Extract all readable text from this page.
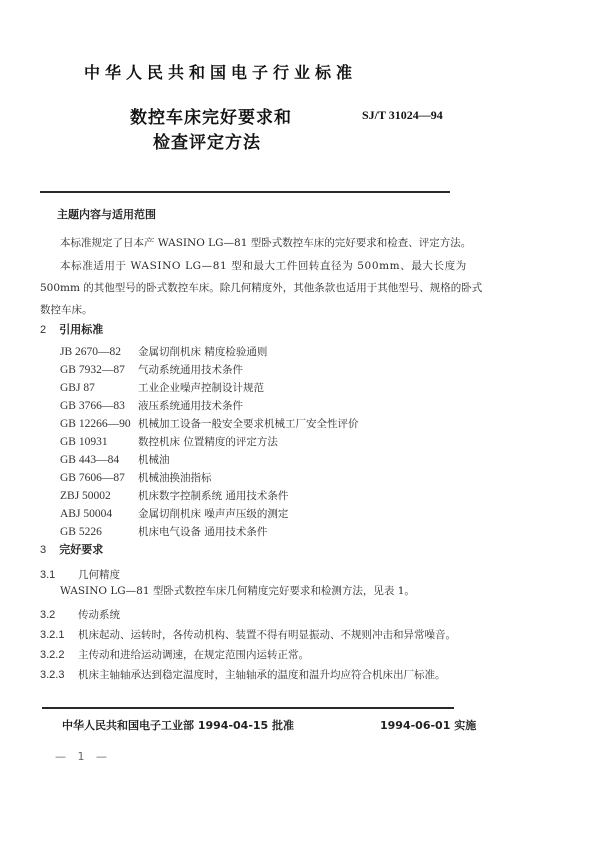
中华人民共和国电子行业标准
数控车床完好要求和
检查评定方法
SJ/T 31024—94
主题内容与适用范围
本标准规定了日本产 WASINO LG—81 型卧式数控车床的完好要求和检查、评定方法。
本标准适用于 WASINO LG—81 型和最大工件回转直径为 500mm、最大长度为
500mm 的其他型号的卧式数控车床。除几何精度外，其他条款也适用于其他型号、规格的卧式
数控车床。
2 引用标准
JB 2670—82 金属切削机床 精度检验通则
GB 7932—87 气动系统通用技术条件
GBJ 87	工业企业噪声控制设计规范
GB 3766—83 液压系统通用技术条件
GB 12266—90 机械加工设备一般安全要求机械工厂安全性评价
GB 10931	数控机床 位置精度的评定方法
GB 443—84 机械油
GB 7606—87 机械油换油指标
ZBJ 50002	机床数字控制系统 通用技术条件
ABJ 50004 金属切削机床 噪声声压级的测定
GB 5226	机床电气设备 通用技术条件
3 完好要求
3.1 几何精度
WASINO LG—81 型卧式数控车床几何精度完好要求和检测方法，见表 1。
3.2 传动系统
3.2.1 机床起动、运转时，各传动机构、装置不得有明显振动、不规则冲击和异常噪音。
3.2.2 主传动和进给运动调速，在规定范围内运转正常。
3.2.3 机床主轴轴承达到稳定温度时，主轴轴承的温度和温升均应符合机床出厂标准。
中华人民共和国电子工业部 1994-04-15 批准	1994-06-01 实施
— 1 —
